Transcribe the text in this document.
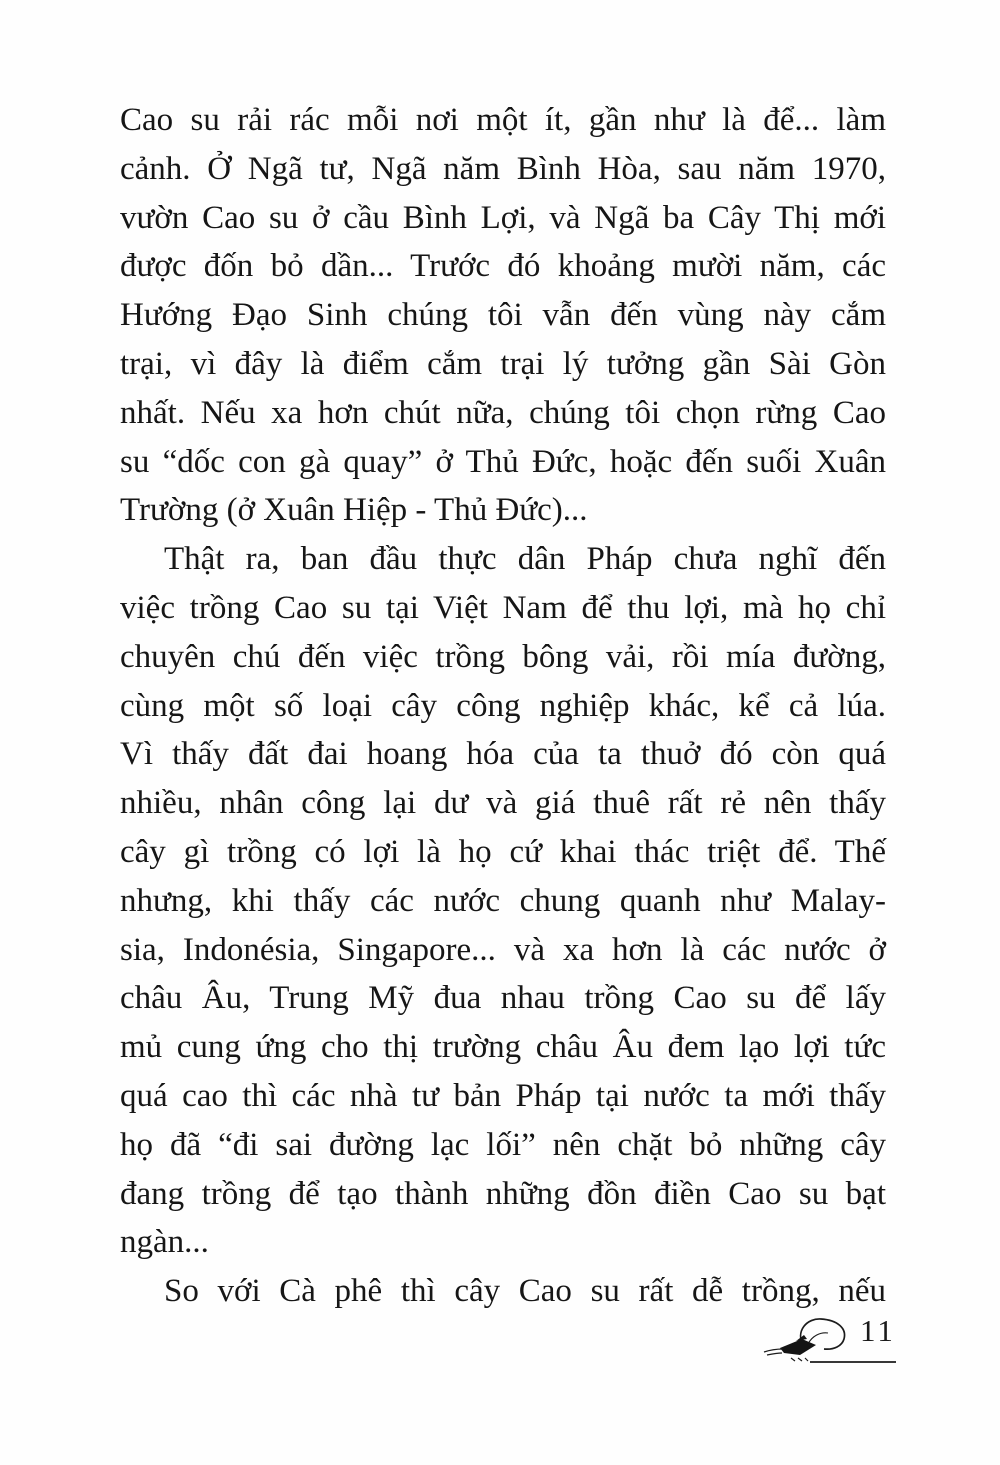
Cao su rải rác mỗi nơi một ít, gần như là để... làm
cảnh. Ở Ngã tư, Ngã năm Bình Hòa, sau năm 1970,
vườn Cao su ở cầu Bình Lợi, và Ngã ba Cây Thị mới
được đốn bỏ dần... Trước đó khoảng mười năm, các
Hướng Đạo Sinh chúng tôi vẫn đến vùng này cắm
trại, vì đây là điểm cắm trại lý tưởng gần Sài Gòn
nhất. Nếu xa hơn chút nữa, chúng tôi chọn rừng Cao
su “dốc con gà quay” ở Thủ Đức, hoặc đến suối Xuân
Trường (ở Xuân Hiệp - Thủ Đức)...
Thật ra, ban đầu thực dân Pháp chưa nghĩ đến
việc trồng Cao su tại Việt Nam để thu lợi, mà họ chỉ
chuyên chú đến việc trồng bông vải, rồi mía đường,
cùng một số loại cây công nghiệp khác, kể cả lúa.
Vì thấy đất đai hoang hóa của ta thuở đó còn quá
nhiều, nhân công lại dư và giá thuê rất rẻ nên thấy
cây gì trồng có lợi là họ cứ khai thác triệt để. Thế
nhưng, khi thấy các nước chung quanh như Malay-
sia, Indonésia, Singapore... và xa hơn là các nước ở
châu Âu, Trung Mỹ đua nhau trồng Cao su để lấy
mủ cung ứng cho thị trường châu Âu đem lạo lợi tức
quá cao thì các nhà tư bản Pháp tại nước ta mới thấy
họ đã “đi sai đường lạc lối” nên chặt bỏ những cây
đang trồng để tạo thành những đồn điền Cao su bạt
ngàn...
So với Cà phê thì cây Cao su rất dễ trồng, nếu
11
